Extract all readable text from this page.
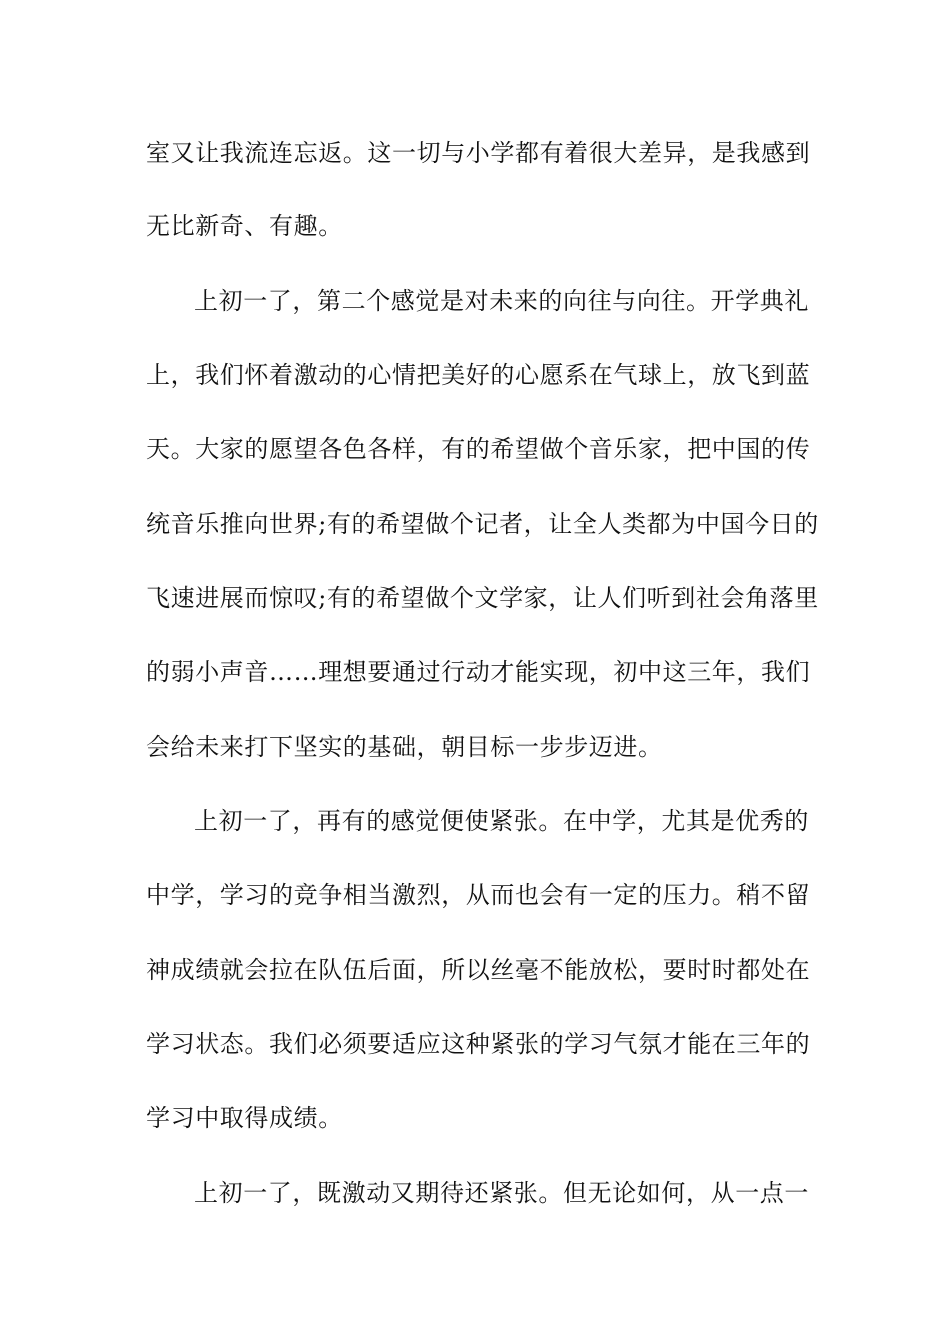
室又让我流连忘返。这一切与小学都有着很大差异，是我感到
无比新奇、有趣。
上初一了，第二个感觉是对未来的向往与向往。开学典礼
上，我们怀着激动的心情把美好的心愿系在气球上，放飞到蓝
天。大家的愿望各色各样，有的希望做个音乐家，把中国的传
统音乐推向世界;有的希望做个记者，让全人类都为中国今日的
飞速进展而惊叹;有的希望做个文学家，让人们听到社会角落里
的弱小声音……理想要通过行动才能实现，初中这三年，我们
会给未来打下坚实的基础，朝目标一步步迈进。
上初一了，再有的感觉便使紧张。在中学，尤其是优秀的
中学，学习的竞争相当激烈，从而也会有一定的压力。稍不留
神成绩就会拉在队伍后面，所以丝毫不能放松，要时时都处在
学习状态。我们必须要适应这种紧张的学习气氛才能在三年的
学习中取得成绩。
上初一了，既激动又期待还紧张。但无论如何，从一点一
